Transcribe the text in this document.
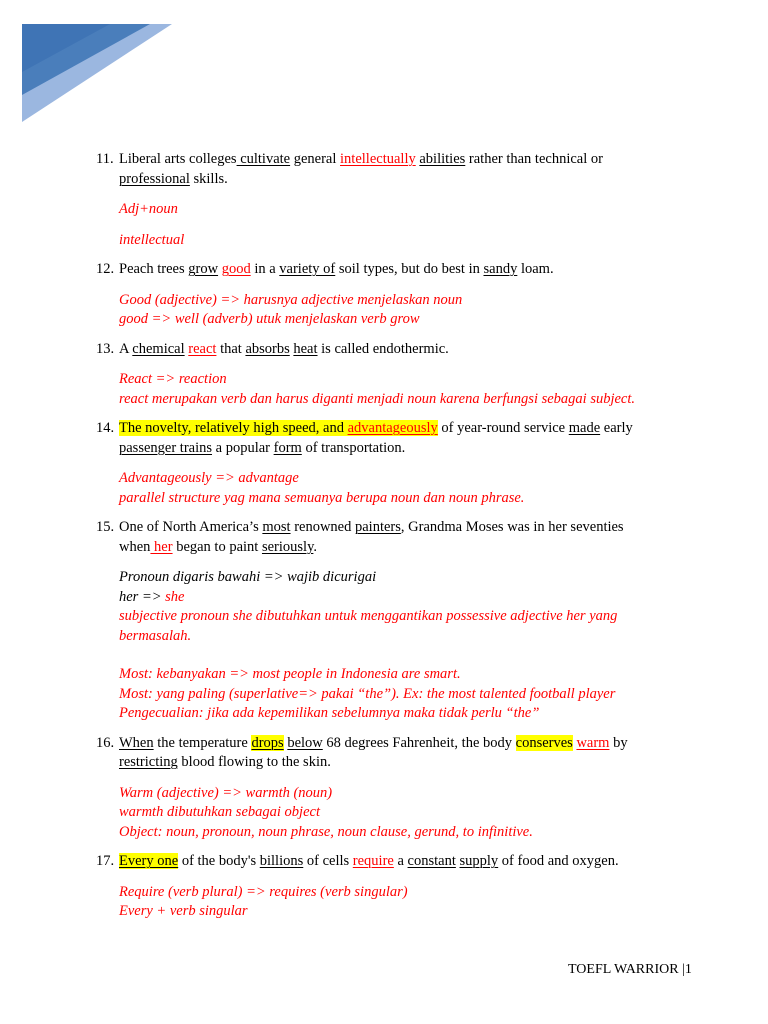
11. Liberal arts colleges cultivate general intellectually abilities rather than technical or
professional skills.
Adj+noun
intellectual
12. Peach trees grow good in a variety of soil types, but do best in sandy loam.
Good (adjective) => harusnya adjective menjelaskan noun
good => well (adverb) utuk menjelaskan verb grow
13. A chemical react that absorbs heat is called endothermic.
React => reaction
react merupakan verb dan harus diganti menjadi noun karena berfungsi sebagai subject.
14. The novelty, relatively high speed, and advantageously of year-round service made early
passenger trains a popular form of transportation.
Advantageously => advantage
parallel structure yag mana semuanya berupa noun dan noun phrase.
15. One of North America’s most renowned painters, Grandma Moses was in her seventies
when her began to paint seriously.
Pronoun digaris bawahi => wajib dicurigai
her => she
subjective pronoun she dibutuhkan untuk menggantikan possessive adjective her yang
bermasalah.
Most: kebanyakan => most people in Indonesia are smart.
Most: yang paling (superlative=> pakai “the”). Ex: the most talented football player
Pengecualian: jika ada kepemilikan sebelumnya maka tidak perlu “the”
16. When the temperature drops below 68 degrees Fahrenheit, the body conserves warm by
restricting blood flowing to the skin.
Warm (adjective) => warmth (noun)
warmth dibutuhkan sebagai object
Object: noun, pronoun, noun phrase, noun clause, gerund, to infinitive.
17. Every one of the body's billions of cells require a constant supply of food and oxygen.
Require (verb plural) => requires (verb singular)
Every + verb singular
TOEFL WARRIOR |1
